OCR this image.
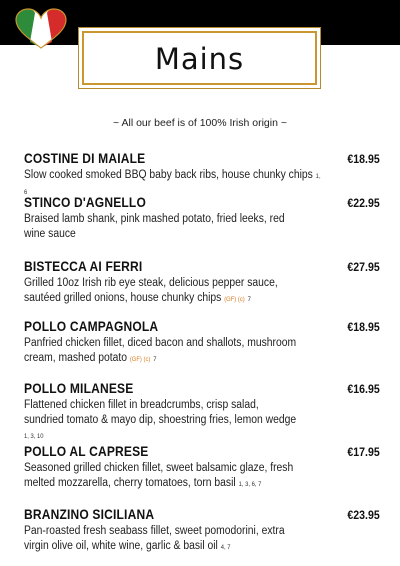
Mains
~ All our beef is of 100% Irish origin ~
COSTINE DI MAIALE	€18.95
Slow cooked smoked BBQ baby back ribs, house chunky chips 1, 6
STINCO D'AGNELLO	€22.95
Braised lamb shank, pink mashed potato, fried leeks, red wine sauce
BISTECCA AI FERRI	€27.95
Grilled 10oz Irish rib eye steak, delicious pepper sauce, sautéed grilled onions, house chunky chips (GF) (c) 7
POLLO CAMPAGNOLA	€18.95
Panfried chicken fillet, diced bacon and shallots, mushroom cream, mashed potato (GF) (c) 7
POLLO MILANESE	€16.95
Flattened chicken fillet in breadcrumbs, crisp salad, sundried tomato & mayo dip, shoestring fries, lemon wedge 1, 3, 10
POLLO AL CAPRESE	€17.95
Seasoned grilled chicken fillet, sweet balsamic glaze, fresh melted mozzarella, cherry tomatoes, torn basil 1, 3, 6, 7
BRANZINO SICILIANA	€23.95
Pan-roasted fresh seabass fillet, sweet pomodorini, extra virgin olive oil, white wine, garlic & basil oil 4, 7
